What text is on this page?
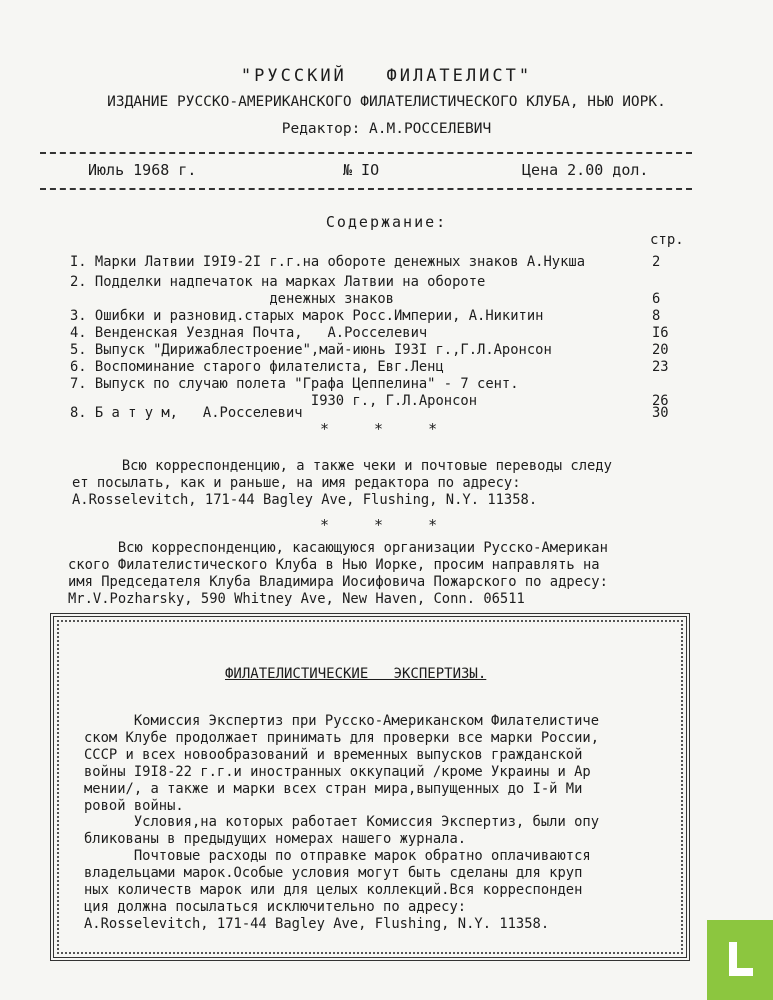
"РУССКИЙ   ФИЛАТЕЛИСТ"
ИЗДАНИЕ РУССКО-АМЕРИКАНСКОГО ФИЛАТЕЛИСТИЧЕСКОГО КЛУБА, НЬЮ ИОРК.
Редактор: А.М.РОССЕЛЕВИЧ
Июль 1968 г.	№ IO	Цена 2.00 дол.
Содержание:
стр.
I. Марки Латвии I9I9-2I г.г.на обороте денежных знаков А.Нукша	2
2. Подделки надпечаток на марках Латвии на обороте
денежных знаков	6
3. Ошибки и разновид.старых марок Росс.Империи, А.Никитин	8
4. Венденская Уездная Почта,   А.Росселевич	I6
5. Выпуск "Дирижаблестроение",май-июнь I93I г.,Г.Л.Аронсон	20
6. Воспоминание старого филателиста, Евг.Ленц	23
7. Выпуск по случаю полета "Графа Цеппелина" - 7 сент.
I930 г., Г.Л.Аронсон	26
8. Б а т у м,   А.Росселевич	30
* * *
Всю корреспонденцию, а также чеки и почтовые переводы следу
ет посылать, как и раньше, на имя редактора по адресу:
A.Rosselevitch, 171-44 Bagley Ave, Flushing, N.Y. 11358.
* * *
Всю корреспонденцию, касающуюся организации Русско-Американ
ского Филателистического Клуба в Нью Иорке, просим направлять на
имя Председателя Клуба Владимира Иосифовича Пожарского по адресу:
Mr.V.Pozharsky, 590 Whitney Ave, New Haven, Conn. 06511
ФИЛАТЕЛИСТИЧЕСКИЕ   ЭКСПЕРТИЗЫ.
Комиссия Экспертиз при Русско-Американском Филателистиче
ском Клубе продолжает принимать для проверки все марки России,
СССР и всех новообразований и временных выпусков гражданской
войны I9I8-22 г.г.и иностранных оккупаций /кроме Украины и Ар
мении/, а также и марки всех стран мира,выпущенных до I-й Ми
ровой войны.
Условия,на которых работает Комиссия Экспертиз, были опу
бликованы в предыдущих номерах нашего журнала.
Почтовые расходы по отправке марок обратно оплачиваются
владельцами марок.Особые условия могут быть сделаны для круп
ных количеств марок или для целых коллекций.Вся корреспонден
ция должна посылаться исключительно по адресу:
A.Rosselevitch, 171-44 Bagley Ave, Flushing, N.Y. 11358.
